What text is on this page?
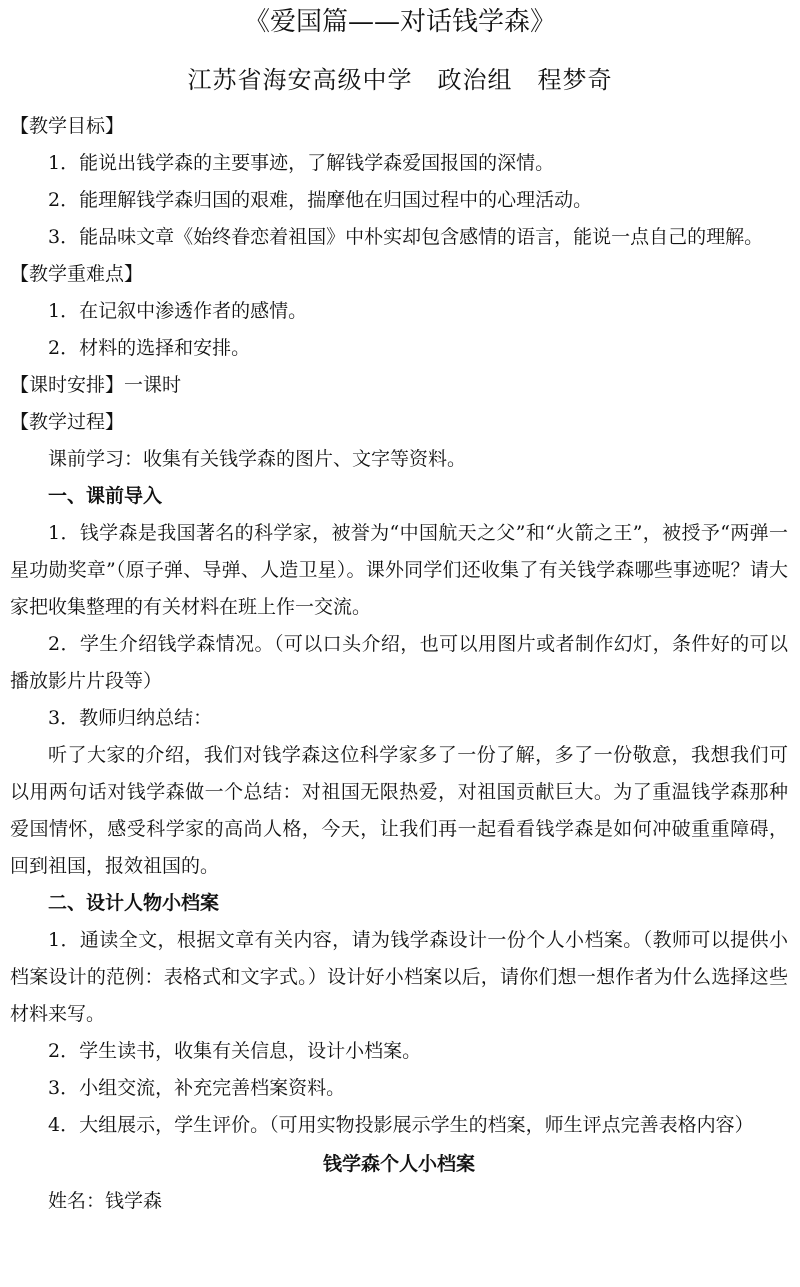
《爱国篇——对话钱学森》
江苏省海安高级中学　政治组　程梦奇

【教学目标】

1．能说出钱学森的主要事迹，了解钱学森爱国报国的深情。

2．能理解钱学森归国的艰难，揣摩他在归国过程中的心理活动。

3．能品味文章《始终眷恋着祖国》中朴实却包含感情的语言，能说一点自己的理解。

【教学重难点】

1．在记叙中渗透作者的感情。

2．材料的选择和安排。

【课时安排】一课时

【教学过程】

课前学习：收集有关钱学森的图片、文字等资料。

一、课前导入

1．钱学森是我国著名的科学家，被誉为“中国航天之父”和“火箭之王”，被授予“两弹一星功勋奖章”（原子弹、导弹、人造卫星）。课外同学们还收集了有关钱学森哪些事迹呢？请大家把收集整理的有关材料在班上作一交流。

2．学生介绍钱学森情况。（可以口头介绍，也可以用图片或者制作幻灯，条件好的可以播放影片片段等）

3．教师归纳总结：

听了大家的介绍，我们对钱学森这位科学家多了一份了解，多了一份敬意，我想我们可以用两句话对钱学森做一个总结：对祖国无限热爱，对祖国贡献巨大。为了重温钱学森那种爱国情怀，感受科学家的高尚人格，今天，让我们再一起看看钱学森是如何冲破重重障碍，回到祖国，报效祖国的。

二、设计人物小档案

1．通读全文，根据文章有关内容，请为钱学森设计一份个人小档案。（教师可以提供小档案设计的范例：表格式和文字式。）设计好小档案以后，请你们想一想作者为什么选择这些材料来写。

2．学生读书，收集有关信息，设计小档案。

3．小组交流，补充完善档案资料。

4．大组展示，学生评价。（可用实物投影展示学生的档案，师生评点完善表格内容）

钱学森个人小档案

姓名：钱学森
